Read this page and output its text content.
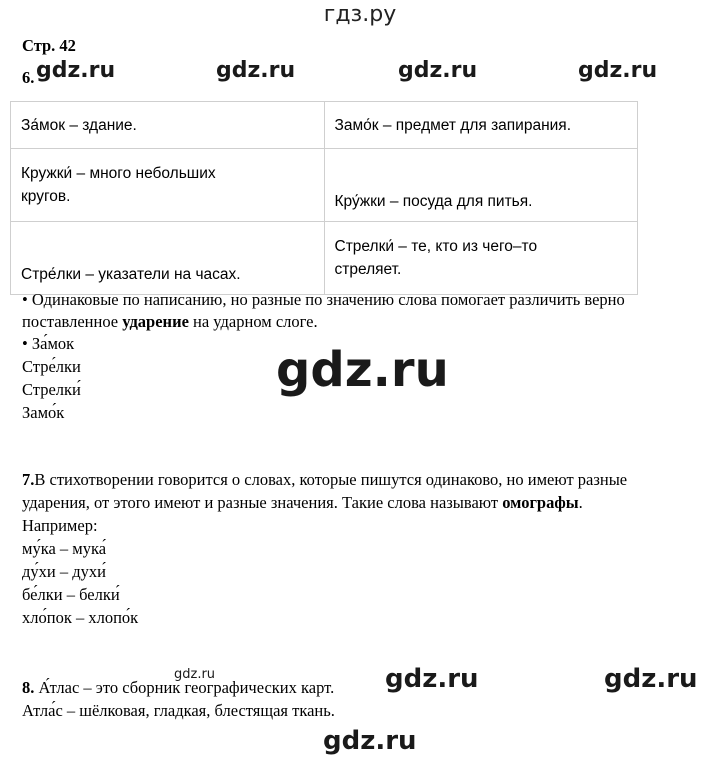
гдз.ру
Стр. 42
6. gdz.ru	gdz.ru	gdz.ru	gdz.ru
За́мок – здание.	Замо́к – предмет для запирания.
Кружки́ – много небольших кругов.	Кру́жки – посуда для питья.
Стре́лки – указатели на часах.	Стрелки́ – те, кто из чего–то стреляет.
• Одинаковые по написанию, но разные по значению слова помогает различить верно
поставленное ударение на ударном слоге.
• За́мок
Стре́лки
Стрелки́
Замо́к
gdz.ru
7.В стихотворении говорится о словах, которые пишутся одинаково, но имеют разные
ударения, от этого имеют и разные значения. Такие слова называют омографы.
Например:
му́ка – мука́
ду́хи – духи́
бе́лки – белки́
хло́пок – хлопо́к
gdz.ru
8. А́тлас – это сборник географических карт.
Атла́с – шёлковая, гладкая, блестящая ткань.
gdz.ru	gdz.ru
gdz.ru
